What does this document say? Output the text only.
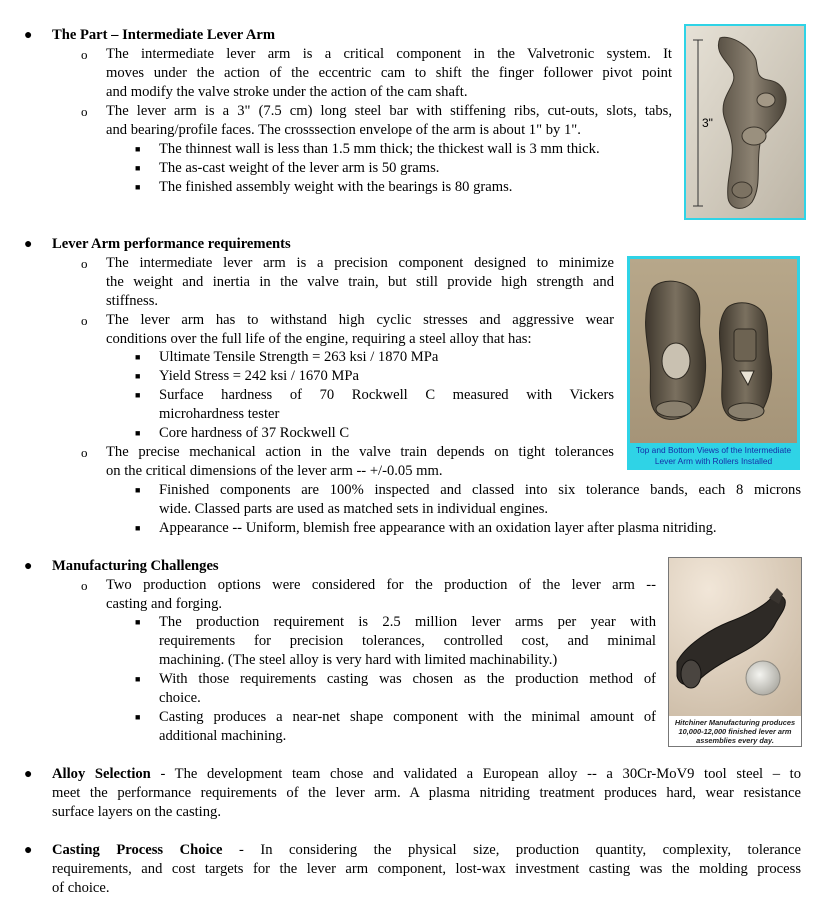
● The Part – Intermediate Lever Arm
o The intermediate lever arm is a critical component in the Valvetronic system. It
moves under the action of the eccentric cam to shift the finger follower pivot point
and modify the valve stroke under the action of the cam shaft.
o The lever arm is a 3" (7.5 cm) long steel bar with stiffening ribs, cut-outs, slots, tabs,
and bearing/profile faces. The crosssection envelope of the arm is about 1" by 1".
■ The thinnest wall is less than 1.5 mm thick; the thickest wall is 3 mm thick.
■ The as-cast weight of the lever arm is 50 grams.
■ The finished assembly weight with the bearings is 80 grams.
3"
● Lever Arm performance requirements
o The intermediate lever arm is a precision component designed to minimize
the weight and inertia in the valve train, but still provide high strength and
stiffness.
o The lever arm has to withstand high cyclic stresses and aggressive wear
conditions over the full life of the engine, requiring a steel alloy that has:
■ Ultimate Tensile Strength = 263 ksi / 1870 MPa
■ Yield Stress = 242 ksi / 1670 MPa
■ Surface hardness of 70 Rockwell C measured with Vickers
microhardness tester
■ Core hardness of 37 Rockwell C
o The precise mechanical action in the valve train depends on tight tolerances
on the critical dimensions of the lever arm -- +/-0.05 mm.
■ Finished components are 100% inspected and classed into six tolerance bands, each 8 microns
wide. Classed parts are used as matched sets in individual engines.
■ Appearance -- Uniform, blemish free appearance with an oxidation layer after plasma nitriding.
Top and Bottom Views of the Intermediate Lever Arm with Rollers Installed
● Manufacturing Challenges
o Two production options were considered for the production of the lever arm --
casting and forging.
■ The production requirement is 2.5 million lever arms per year with
requirements for precision tolerances, controlled cost, and minimal
machining. (The steel alloy is very hard with limited machinability.)
■ With those requirements casting was chosen as the production method of
choice.
■ Casting produces a near-net shape component with the minimal amount of
additional machining.
Hitchiner Manufacturing produces 10,000-12,000 finished lever arm assemblies every day.
● Alloy Selection - The development team chose and validated a European alloy -- a 30Cr-MoV9 tool steel – to
meet the performance requirements of the lever arm. A plasma nitriding treatment produces hard, wear resistance
surface layers on the casting.
● Casting Process Choice - In considering the physical size, production quantity, complexity, tolerance
requirements, and cost targets for the lever arm component, lost-wax investment casting was the molding process
of choice.
